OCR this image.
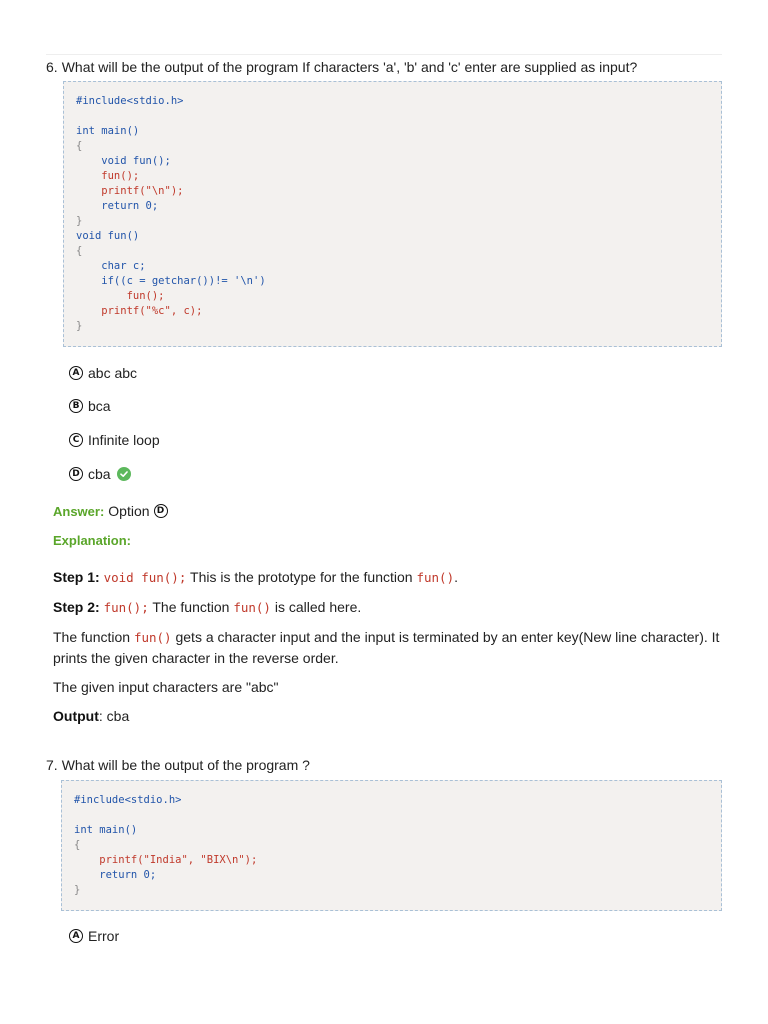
6. What will be the output of the program If characters 'a', 'b' and 'c' enter are supplied as input?
#include<stdio.h>

int main()
{
void fun();
fun();
printf("\n");
return 0;
}
void fun()
{
char c;
if((c = getchar())!= '\n')
fun();
printf("%c", c);
}
A abc abc
B bca
C Infinite loop
D cba
Answer: Option D
Explanation:
Step 1: void fun(); This is the prototype for the function fun().
Step 2: fun(); The function fun() is called here.
The function fun() gets a character input and the input is terminated by an enter key(New line character). It prints the given character in the reverse order.
The given input characters are "abc"
Output: cba
7. What will be the output of the program ?
#include<stdio.h>

int main()
{
printf("India", "BIX\n");
return 0;
}
A Error
